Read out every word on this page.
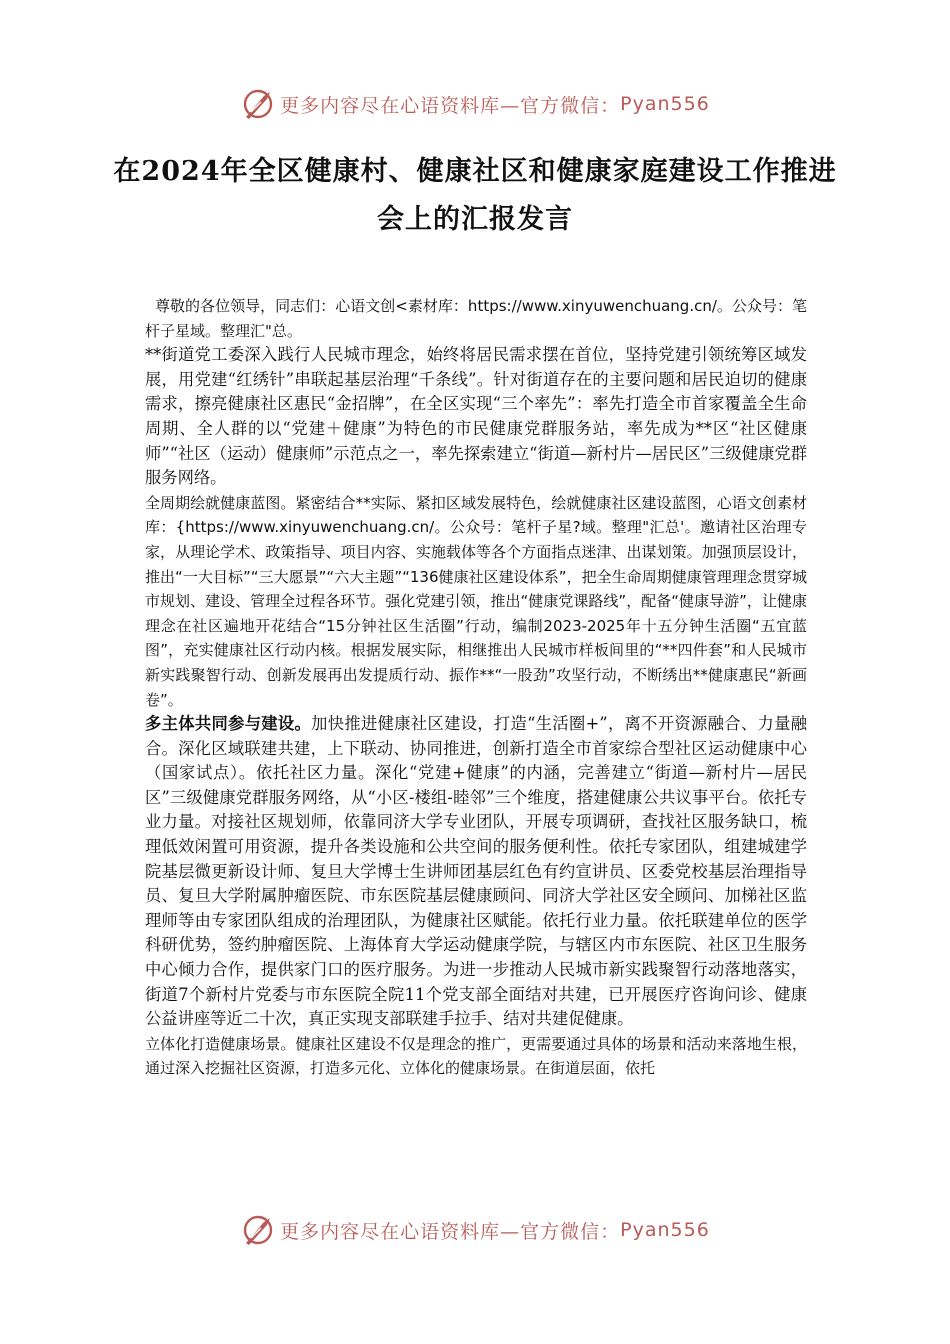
更多内容尽在心语资料库—官方微信： Pyan556
在2024年全区健康村、健康社区和健康家庭建设工作推进会上的汇报发言

尊敬的各位领导，同志们：心语文创<素材库：https://www.xinyuwenchuang.cn/。公众号：笔杆子星域。整理汇"总。

**街道党工委深入践行人民城市理念，始终将居民需求摆在首位，坚持党建引领统筹区域发展，用党建“红绣针”串联起基层治理“千条线”。针对街道存在的主要问题和居民迫切的健康需求，擦亮健康社区惠民“金招牌”，在全区实现“三个率先”：率先打造全市首家覆盖全生命周期、全人群的以“党建＋健康”为特色的市民健康党群服务站，率先成为**区“社区健康师”“社区（运动）健康师”示范点之一，率先探索建立“街道—新村片—居民区”三级健康党群服务网络。

全周期绘就健康蓝图。紧密结合**实际、紧扣区域发展特色，绘就健康社区建设蓝图，心语文创素材库：{https://www.xinyuwenchuang.cn/。公众号：笔杆子星?域。整理"汇总'。邀请社区治理专家，从理论学术、政策指导、项目内容、实施载体等各个方面指点迷津、出谋划策。加强顶层设计，推出“一大目标”“三大愿景”“六大主题”“136健康社区建设体系”，把全生命周期健康管理理念贯穿城市规划、建设、管理全过程各环节。强化党建引领，推出“健康党课路线”，配备“健康导游”，让健康理念在社区遍地开花结合“15分钟社区生活圈”行动，编制2023-2025年十五分钟生活圈“五宜蓝图”，充实健康社区行动内核。根据发展实际，相继推出人民城市样板间里的“**四件套”和人民城市新实践聚智行动、创新发展再出发提质行动、振作**“一股劲”攻坚行动，不断绣出**健康惠民“新画卷”。

多主体共同参与建设。加快推进健康社区建设，打造“生活圈+”，离不开资源融合、力量融合。深化区域联建共建，上下联动、协同推进，创新打造全市首家综合型社区运动健康中心（国家试点）。依托社区力量。深化“党建+健康”的内涵，完善建立“街道—新村片—居民区”三级健康党群服务网络，从“小区-楼组-睦邻”三个维度，搭建健康公共议事平台。依托专业力量。对接社区规划师，依靠同济大学专业团队，开展专项调研，查找社区服务缺口，梳理低效闲置可用资源，提升各类设施和公共空间的服务便利性。依托专家团队，组建城建学院基层微更新设计师、复旦大学博士生讲师团基层红色有约宣讲员、区委党校基层治理指导员、复旦大学附属肿瘤医院、市东医院基层健康顾问、同济大学社区安全顾问、加梯社区监理师等由专家团队组成的治理团队，为健康社区赋能。依托行业力量。依托联建单位的医学科研优势，签约肿瘤医院、上海体育大学运动健康学院，与辖区内市东医院、社区卫生服务中心倾力合作，提供家门口的医疗服务。为进一步推动人民城市新实践聚智行动落地落实，街道7个新村片党委与市东医院全院11个党支部全面结对共建，已开展医疗咨询问诊、健康公益讲座等近二十次，真正实现支部联建手拉手、结对共建促健康。

立体化打造健康场景。健康社区建设不仅是理念的推广，更需要通过具体的场景和活动来落地生根，通过深入挖掘社区资源，打造多元化、立体化的健康场景。在街道层面，依托

更多内容尽在心语资料库—官方微信： Pyan556
